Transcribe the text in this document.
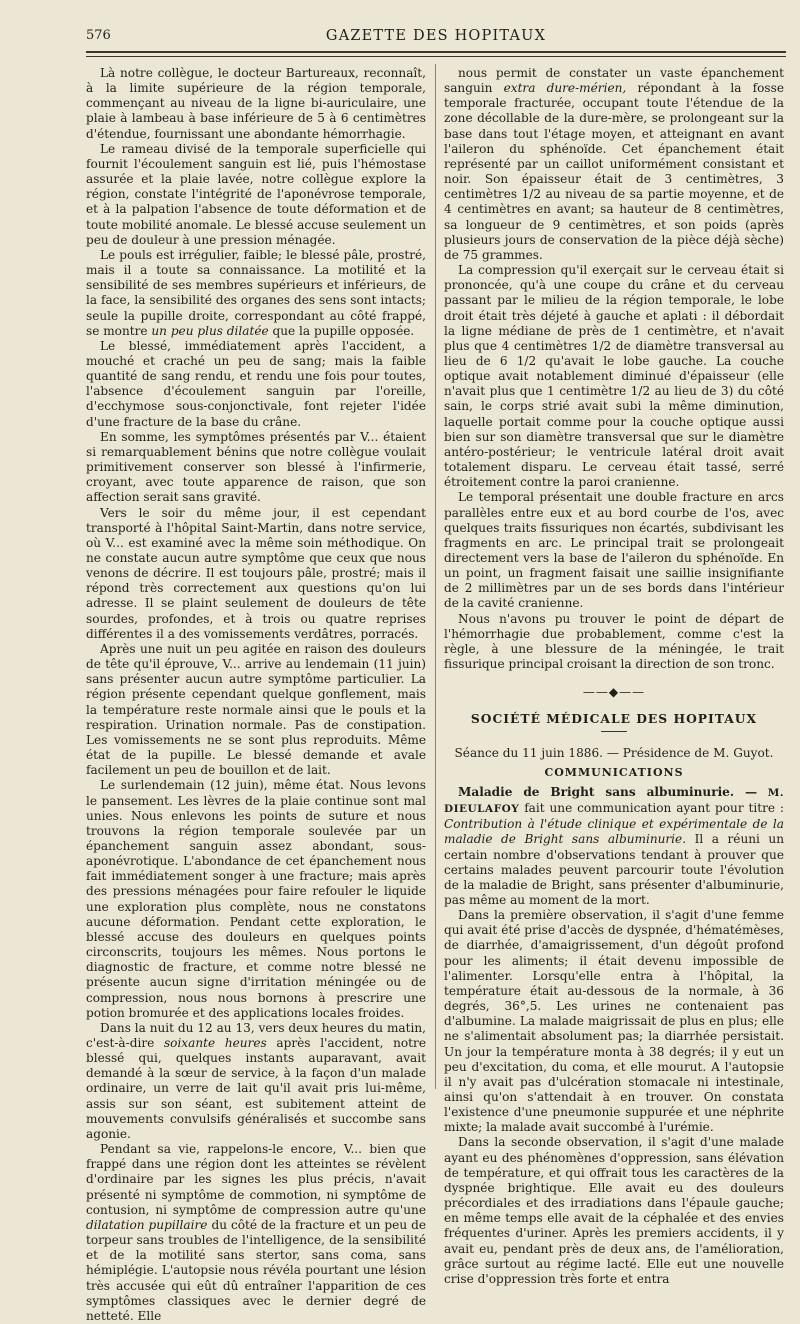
576	GAZETTE DES HOPITAUX

Là notre collègue, le docteur Bartureaux, reconnaît, à la limite supérieure de la région temporale, commençant au niveau de la ligne bi-auriculaire, une plaie à lambeau à base inférieure de 5 à 6 centimètres d'étendue, fournissant une abondante hémorrhagie.

Le rameau divisé de la temporale superficielle qui fournit l'écoulement sanguin est lié, puis l'hémostase assurée et la plaie lavée, notre collègue explore la région, constate l'intégrité de l'aponévrose temporale, et à la palpation l'absence de toute déformation et de toute mobilité anomale. Le blessé accuse seulement un peu de douleur à une pression ménagée.

Le pouls est irrégulier, faible; le blessé pâle, prostré, mais il a toute sa connaissance. La motilité et la sensibilité de ses membres supérieurs et inférieurs, de la face, la sensibilité des organes des sens sont intacts; seule la pupille droite, correspondant au côté frappé, se montre un peu plus dilatée que la pupille opposée.

Le blessé, immédiatement après l'accident, a mouché et craché un peu de sang; mais la faible quantité de sang rendu, et rendu une fois pour toutes, l'absence d'écoulement sanguin par l'oreille, d'ecchymose sous-conjonctivale, font rejeter l'idée d'une fracture de la base du crâne.

En somme, les symptômes présentés par V... étaient si remarquablement bénins que notre collègue voulait primitivement conserver son blessé à l'infirmerie, croyant, avec toute apparence de raison, que son affection serait sans gravité.

Vers le soir du même jour, il est cependant transporté à l'hôpital Saint-Martin, dans notre service, où V... est examiné avec la même soin méthodique. On ne constate aucun autre symptôme que ceux que nous venons de décrire. Il est toujours pâle, prostré; mais il répond très correctement aux questions qu'on lui adresse. Il se plaint seulement de douleurs de tête sourdes, profondes, et à trois ou quatre reprises différentes il a des vomissements verdâtres, porracés.

Après une nuit un peu agitée en raison des douleurs de tête qu'il éprouve, V... arrive au lendemain (11 juin) sans présenter aucun autre symptôme particulier. La région présente cependant quelque gonflement, mais la température reste normale ainsi que le pouls et la respiration. Urination normale. Pas de constipation. Les vomissements ne se sont plus reproduits. Même état de la pupille. Le blessé demande et avale facilement un peu de bouillon et de lait.

Le surlendemain (12 juin), même état. Nous levons le pansement. Les lèvres de la plaie continue sont mal unies. Nous enlevons les points de suture et nous trouvons la région temporale soulevée par un épanchement sanguin assez abondant, sous-aponévrotique. L'abondance de cet épanchement nous fait immédiatement songer à une fracture; mais après des pressions ménagées pour faire refouler le liquide une exploration plus complète, nous ne constatons aucune déformation. Pendant cette exploration, le blessé accuse des douleurs en quelques points circonscrits, toujours les mêmes. Nous portons le diagnostic de fracture, et comme notre blessé ne présente aucun signe d'irritation méningée ou de compression, nous nous bornons à prescrire une potion bromurée et des applications locales froides.

Dans la nuit du 12 au 13, vers deux heures du matin, c'est-à-dire soixante heures après l'accident, notre blessé qui, quelques instants auparavant, avait demandé à la sœur de service, à la façon d'un malade ordinaire, un verre de lait qu'il avait pris lui-même, assis sur son séant, est subitement atteint de mouvements convulsifs généralisés et succombe sans agonie.

Pendant sa vie, rappelons-le encore, V... bien que frappé dans une région dont les atteintes se révèlent d'ordinaire par les signes les plus précis, n'avait présenté ni symptôme de commotion, ni symptôme de contusion, ni symptôme de compression autre qu'une dilatation pupillaire du côté de la fracture et un peu de torpeur sans troubles de l'intelligence, de la sensibilité et de la motilité sans stertor, sans coma, sans hémiplégie. L'autopsie nous révéla pourtant une lésion très accusée qui eût dû entraîner l'apparition de ces symptômes classiques avec le dernier degré de netteté. Elle

nous permit de constater un vaste épanchement sanguin extra dure-mérien, répondant à la fosse temporale fracturée, occupant toute l'étendue de la zone décollable de la dure-mère, se prolongeant sur la base dans tout l'étage moyen, et atteignant en avant l'aileron du sphénoïde. Cet épanchement était représenté par un caillot uniformément consistant et noir. Son épaisseur était de 3 centimètres, 3 centimètres 1/2 au niveau de sa partie moyenne, et de 4 centimètres en avant; sa hauteur de 8 centimètres, sa longueur de 9 centimètres, et son poids (après plusieurs jours de conservation de la pièce déjà sèche) de 75 grammes.

La compression qu'il exerçait sur le cerveau était si prononcée, qu'à une coupe du crâne et du cerveau passant par le milieu de la région temporale, le lobe droit était très déjeté à gauche et aplati : il débordait la ligne médiane de près de 1 centimètre, et n'avait plus que 4 centimètres 1/2 de diamètre transversal au lieu de 6 1/2 qu'avait le lobe gauche. La couche optique avait notablement diminué d'épaisseur (elle n'avait plus que 1 centimètre 1/2 au lieu de 3) du côté sain, le corps strié avait subi la même diminution, laquelle portait comme pour la couche optique aussi bien sur son diamètre transversal que sur le diamètre antéro-postérieur; le ventricule latéral droit avait totalement disparu. Le cerveau était tassé, serré étroitement contre la paroi cranienne.

Le temporal présentait une double fracture en arcs parallèles entre eux et au bord courbe de l'os, avec quelques traits fissuriques non écartés, subdivisant les fragments en arc. Le principal trait se prolongeait directement vers la base de l'aileron du sphénoïde. En un point, un fragment faisait une saillie insignifiante de 2 millimètres par un de ses bords dans l'intérieur de la cavité cranienne.

Nous n'avons pu trouver le point de départ de l'hémorrhagie due probablement, comme c'est la règle, à une blessure de la méningée, le trait fissurique principal croisant la direction de son tronc.

——◆——
SOCIÉTÉ MÉDICALE DES HOPITAUX

Séance du 11 juin 1886. — Présidence de M. Guyot.

COMMUNICATIONS

Maladie de Bright sans albuminurie. — M. DIEULAFOY fait une communication ayant pour titre : Contribution à l'étude clinique et expérimentale de la maladie de Bright sans albuminurie. Il a réuni un certain nombre d'observations tendant à prouver que certains malades peuvent parcourir toute l'évolution de la maladie de Bright, sans présenter d'albuminurie, pas même au moment de la mort.

Dans la première observation, il s'agit d'une femme qui avait été prise d'accès de dyspnée, d'hématémèses, de diarrhée, d'amaigrissement, d'un dégoût profond pour les aliments; il était devenu impossible de l'alimenter. Lorsqu'elle entra à l'hôpital, la température était au-dessous de la normale, à 36 degrés, 36°,5. Les urines ne contenaient pas d'albumine. La malade maigrissait de plus en plus; elle ne s'alimentait absolument pas; la diarrhée persistait. Un jour la température monta à 38 degrés; il y eut un peu d'excitation, du coma, et elle mourut. A l'autopsie il n'y avait pas d'ulcération stomacale ni intestinale, ainsi qu'on s'attendait à en trouver. On constata l'existence d'une pneumonie suppurée et une néphrite mixte; la malade avait succombé à l'urémie.

Dans la seconde observation, il s'agit d'une malade ayant eu des phénomènes d'oppression, sans élévation de température, et qui offrait tous les caractères de la dyspnée brightique. Elle avait eu des douleurs précordiales et des irradiations dans l'épaule gauche; en même temps elle avait de la céphalée et des envies fréquentes d'uriner. Après les premiers accidents, il y avait eu, pendant près de deux ans, de l'amélioration, grâce surtout au régime lacté. Elle eut une nouvelle crise d'oppression très forte et entra
